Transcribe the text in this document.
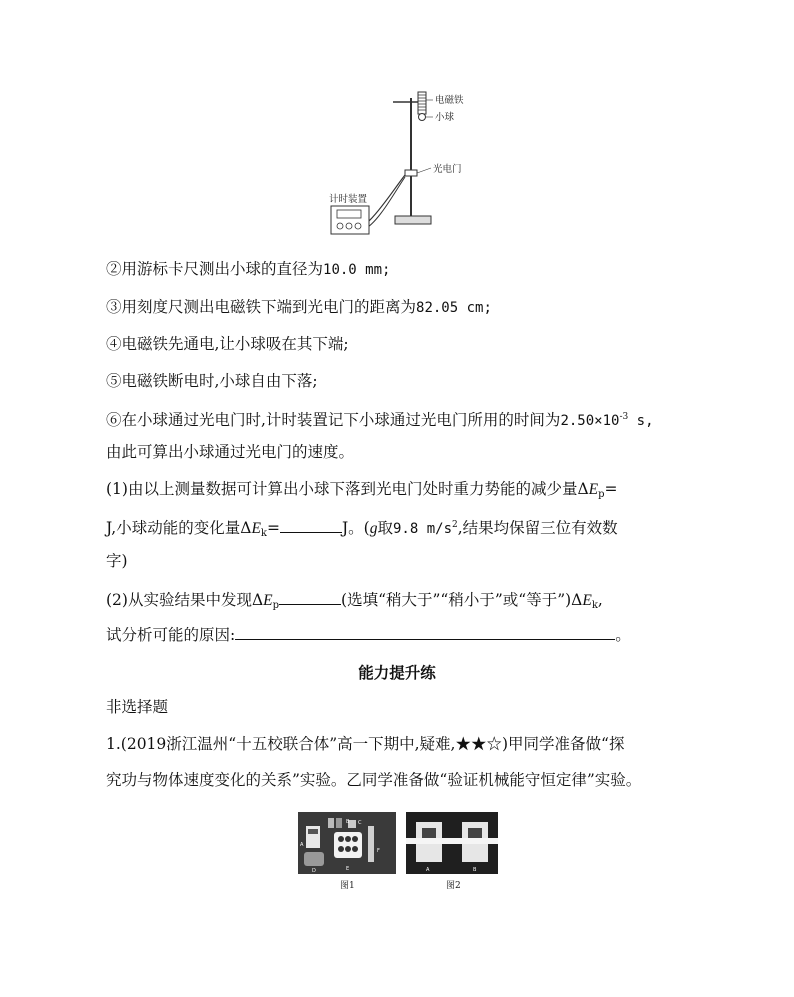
电磁铁
小球
光电门
计时装置
②用游标卡尺测出小球的直径为10.0 mm;
③用刻度尺测出电磁铁下端到光电门的距离为82.05 cm;
④电磁铁先通电,让小球吸在其下端;
⑤电磁铁断电时,小球自由下落;
⑥在小球通过光电门时,计时装置记下小球通过光电门所用的时间为$2.50\times 10^{-3}$ s,
由此可算出小球通过光电门的速度。
(1)由以上测量数据可计算出小球下落到光电门处时重力势能的减少量$\Delta E_p=$
J,小球动能的变化量$\Delta E_k=$	J。(g取9.8 $m/s^2$,结果均保留三位有效数
字)
(2)从实验结果中发现$\Delta E_p$	(选填“稍大于”“稍小于”或“等于$”)\Delta E_k$,
试分析可能的原因:	。
能力提升练
非选择题
1.(2019浙江温州“十五校联合体”高一下期中,疑难,★★☆)甲同学准备做“探
究功与物体速度变化的关系”实验。乙同学准备做“验证机械能守恒定律”实验。
A
B C
D	E
F
图1
A	B
图2
